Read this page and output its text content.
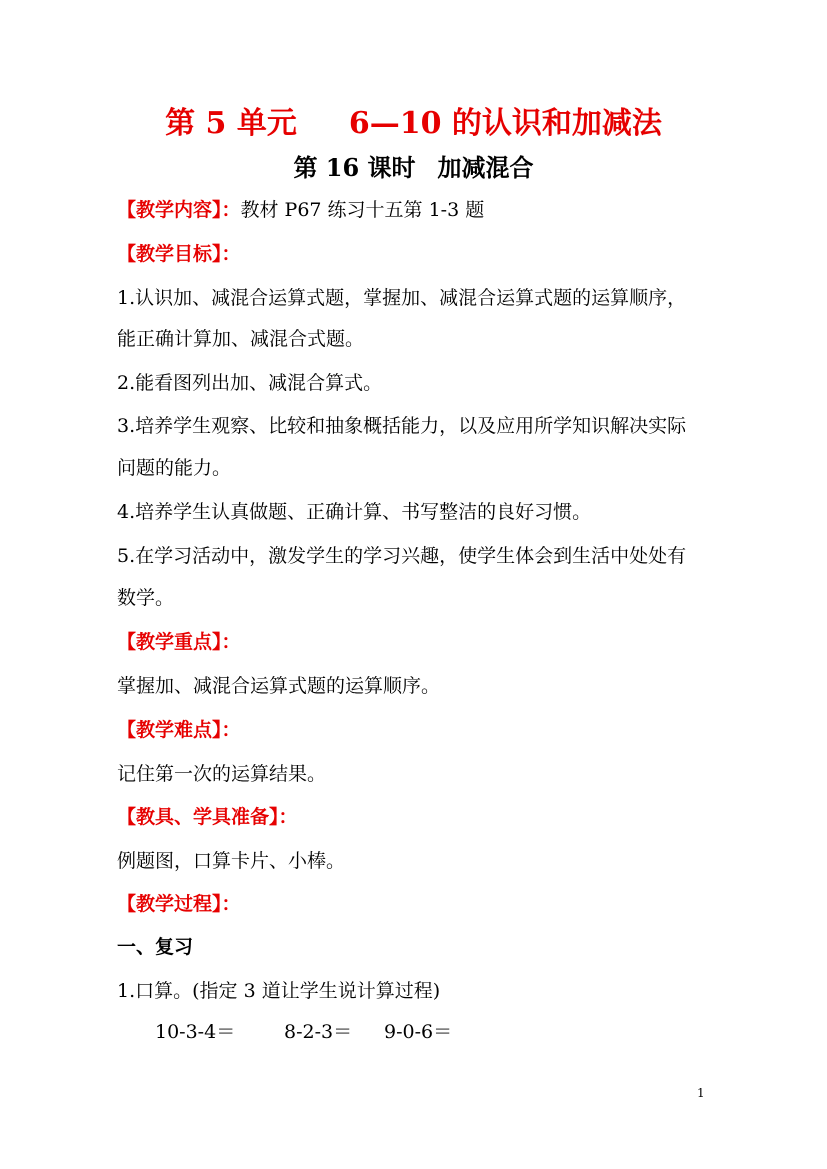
第 5 单元 6—10 的认识和加减法
第 16 课时 加减混合
【教学内容】：教材 P67 练习十五第 1-3 题
【教学目标】：
1.认识加、减混合运算式题，掌握加、减混合运算式题的运算顺序，
能正确计算加、减混合式题。
2.能看图列出加、减混合算式。
3.培养学生观察、比较和抽象概括能力，以及应用所学知识解决实际
问题的能力。
4.培养学生认真做题、正确计算、书写整洁的良好习惯。
5.在学习活动中，激发学生的学习兴趣，使学生体会到生活中处处有
数学。
【教学重点】：
掌握加、减混合运算式题的运算顺序。
【教学难点】：
记住第一次的运算结果。
【教具、学具准备】：
例题图，口算卡片、小棒。
【教学过程】：
一、复习
1.口算。(指定 3 道让学生说计算过程)
10-3-4＝	8-2-3＝ 9-0-6＝
1
